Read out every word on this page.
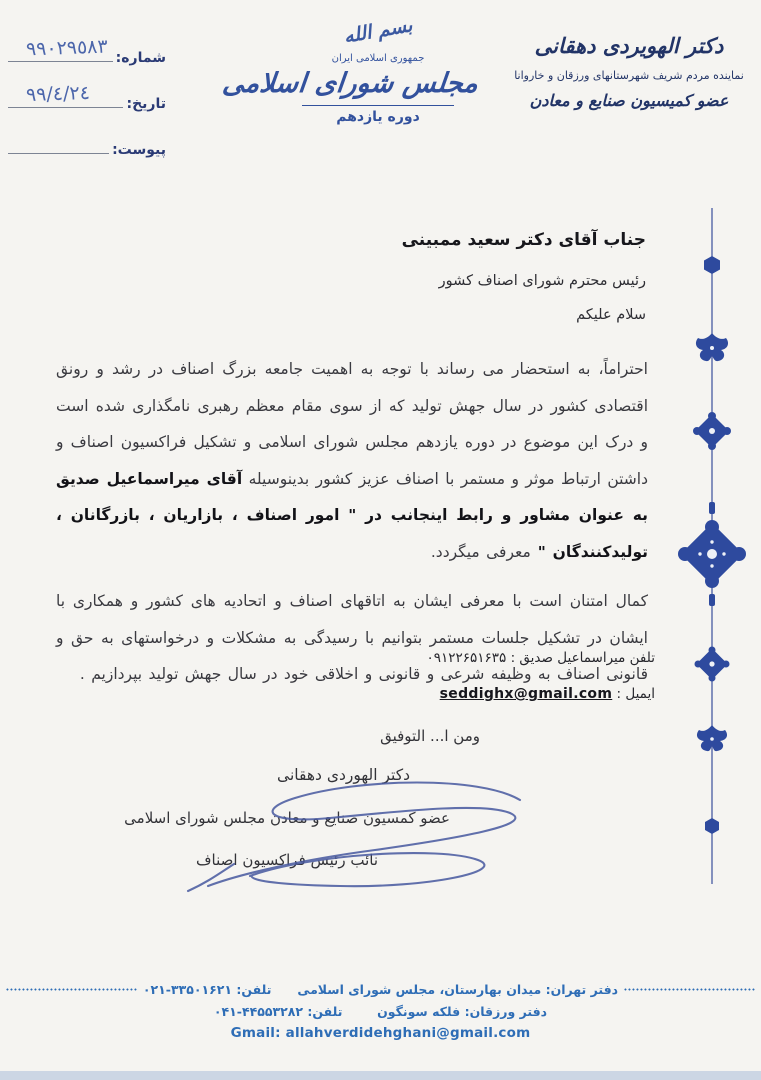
شماره:
٩٩٠٢٩٥٨٣
تاریخ:
٩٩/٤/٢٤
پیوست:
بسم الله
جمهوری اسلامی ایران
مجلس شورای اسلامی
دوره یازدهم
دکتر الهویردی دهقانی
نماینده مردم شریف شهرستانهای ورزقان و خاروانا
عضو کمیسیون صنایع و معادن
جناب آقای دکتر سعید ممبینی
رئیس محترم شورای اصناف کشور
سلام علیکم

احتراماً، به استحضار می رساند با توجه به اهمیت جامعه بزرگ اصناف در رشد و رونق اقتصادی کشور در سال جهش تولید که از سوی مقام معظم رهبری نامگذاری شده است و درک این موضوع در دوره یازدهم مجلس شورای اسلامی و تشکیل فراکسیون اصناف و داشتن ارتباط موثر و مستمر با اصناف عزیز کشور بدینوسیله آقای میراسماعیل صدیق به عنوان مشاور و رابط اینجانب در " امور اصناف ، بازاریان ، بازرگانان ، تولیدکنندگان " معرفی میگردد.

کمال امتنان است با معرفی ایشان به اتاقهای اصناف و اتحادیه های کشور و همکاری با ایشان در تشکیل جلسات مستمر بتوانیم با رسیدگی به مشکلات و درخواستهای به حق و قانونی اصناف به وظیفه شرعی و قانونی و اخلاقی خود در سال جهش تولید بپردازیم .

تلفن میراسماعیل صدیق : ۰۹۱۲۲۶۵۱۶۳۵
ایمیل : seddighx@gmail.com
ومن ا... التوفیق
دکتر الهوردی دهقانی
عضو کمسیون صنایع و معادن مجلس شورای اسلامی
نائب رئیس فراکسیون اصناف
دفتر تهران: میدان بهارستان، مجلس شورای اسلامی
تلفن:

۰۲۱-۳۳۵۰۱۶۲۱
دفتر ورزقان: فلکه سونگون  تلفن: ۰۴۱-۴۴۵۵۳۲۸۲
Gmail: allahverdidehghani@gmail.com
